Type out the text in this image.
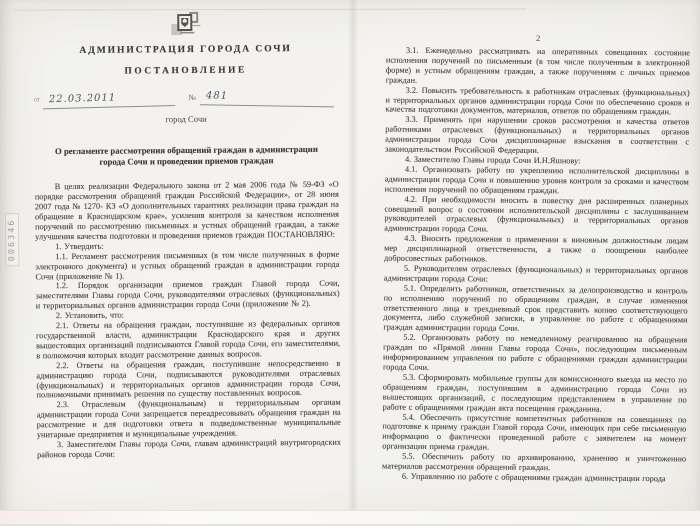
006346
АДМИНИСТРАЦИЯ ГОРОДА СОЧИ
ПОСТАНОВЛЕНИЕ
от 22.03.2011	№ 481
город Сочи
О регламенте рассмотрения обращений граждан в администрации города Сочи и проведении приемов граждан

В целях реализации Федерального закона от 2 мая 2006 года № 59-ФЗ «О порядке рассмотрения обращений граждан Российской Федерации», от 28 июня 2007 года № 1270- КЗ «О дополнительных гарантиях реализации права граждан на обращение в Краснодарском крае», усиления контроля за качеством исполнения поручений по рассмотрению письменных и устных обращений граждан, а также улучшения качества подготовки и проведения приемов граждан ПОСТАНОВЛЯЮ:

1. Утвердить:

1.1. Регламент рассмотрения письменных (в том числе полученных в форме электронного документа) и устных обращений граждан в администрации города Сочи (приложение № 1).

1.2. Порядок организации приемов граждан Главой города Сочи, заместителями Главы города Сочи, руководителями отраслевых (функциональных) и территориальных органов администрации города Сочи (приложение № 2).

2. Установить, что:

2.1. Ответы на обращения граждан, поступившие из федеральных органов государственной власти, администрации Краснодарского края и других вышестоящих организаций подписываются Главой города Сочи, его заместителями, в полномочия которых входит рассмотрение данных вопросов.

2.2. Ответы на обращения граждан, поступившие непосредственно в администрацию города Сочи, подписываются руководителями отраслевых (функциональных) и территориальных органов администрации города Сочи, полномочными принимать решения по существу поставленных вопросов.

2.3. Отраслевым (функциональным) и территориальным органам администрации города Сочи запрещается переадресовывать обращения граждан на рассмотрение и для подготовки ответа в подведомственные муниципальные унитарные предприятия и муниципальные учреждения.

3. Заместителям Главы города Сочи, главам администраций внутригородских районов города Сочи:

2

3.1. Еженедельно рассматривать на оперативных совещаниях состояние исполнения поручений по письменным (в том числе полученным в электронной форме) и устным обращениям граждан, а также поручениям с личных приемов граждан.

3.2. Повысить требовательность к работникам отраслевых (функциональных) и территориальных органов администрации города Сочи по обеспечению сроков и качества подготовки документов, материалов, ответов по обращениям граждан.

3.3. Применять при нарушении сроков рассмотрения и качества ответов работниками отраслевых (функциональных) и территориальных органов администрации города Сочи дисциплинарные взыскания в соответствии с законодательством Российской Федерации.

4. Заместителю Главы города Сочи И.Н.Яшнову:

4.1. Организовать работу по укреплению исполнительской дисциплины в администрации города Сочи и повышению уровня контроля за сроками и качеством исполнения поручений по обращениям граждан.

4.2. При необходимости вносить в повестку дня расширенных планерных совещаний вопрос о состоянии исполнительской дисциплины с заслушиванием руководителей отраслевых (функциональных) и территориальных органов администрации города Сочи.

4.3. Вносить предложения о применении к виновным должностным лицам мер дисциплинарной ответственности, а также о поощрении наиболее добросовестных работников.

5. Руководителям отраслевых (функциональных) и территориальных органов администрации города Сочи:

5.1. Определить работников, ответственных за делопроизводство и контроль по исполнению поручений по обращениям граждан, в случае изменения ответственного лица в трехдневный срок представить копию соответствующего документа, либо служебной записки, в управление по работе с обращениями граждан администрации города Сочи.

5.2. Организовать работу по немедленному реагированию на обращения граждан по «Прямой линии Главы города Сочи», последующим письменным информированием управления по работе с обращениями граждан администрации города Сочи.

5.3. Сформировать мобильные группы для комиссионного выезда на место по обращениям граждан, поступившим в администрацию города Сочи из вышестоящих организаций, с последующим представлением в управление по работе с обращениями граждан акта посещения гражданина.

5.4. Обеспечить присутствие компетентных работников на совещаниях по подготовке к приему граждан Главой города Сочи, имеющих при себе письменную информацию о фактически проведенной работе с заявителем на момент организации приема граждан.

5.5. Обеспечить работу по архивированию, хранению и уничтожению материалов рассмотрения обращений граждан.

6. Управлению по работе с обращениями граждан администрации города
